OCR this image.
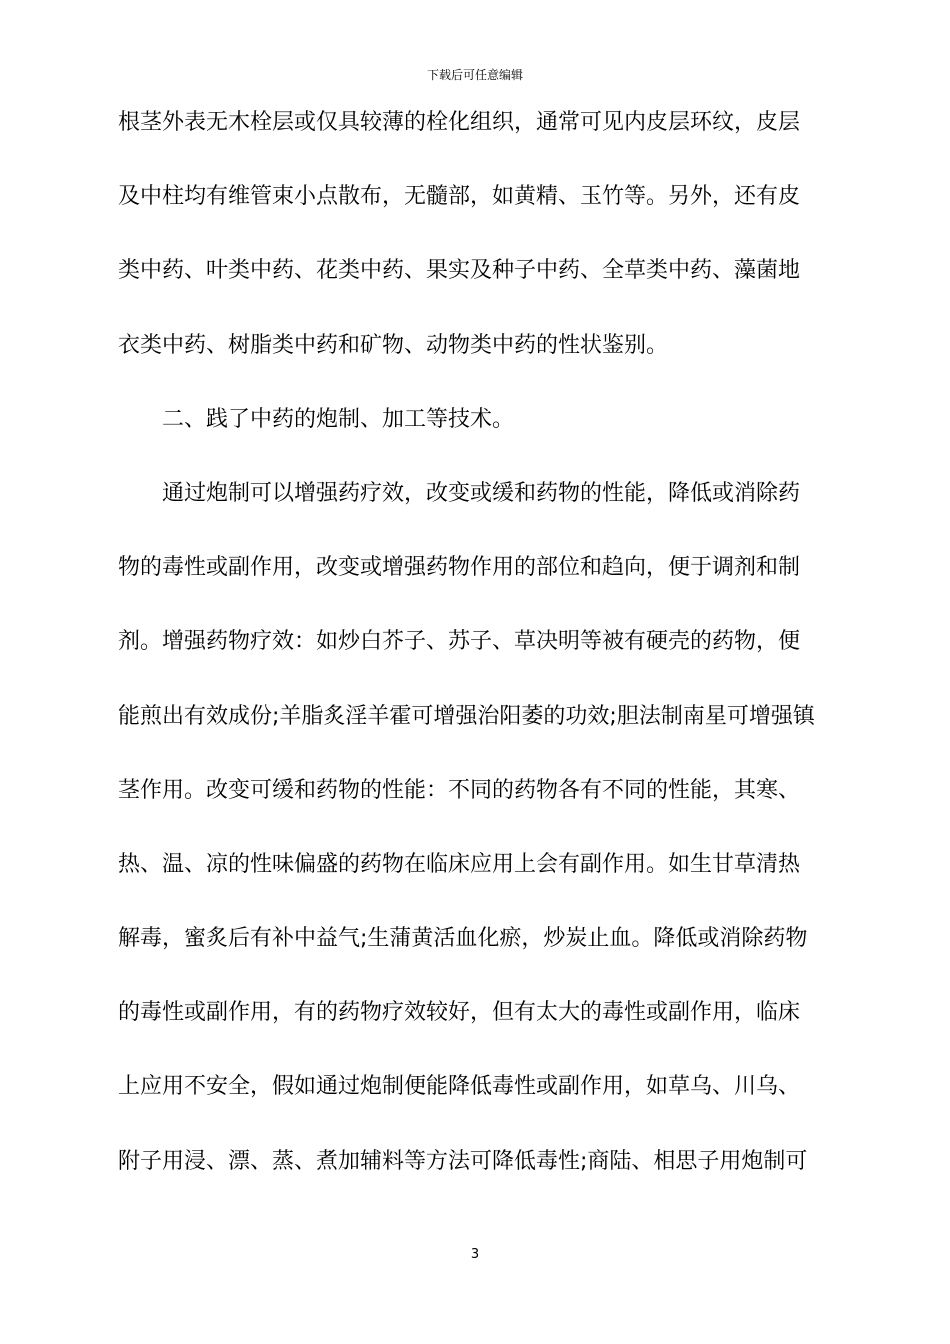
下载后可任意编辑
根茎外表无木栓层或仅具较薄的栓化组织，通常可见内皮层环纹，皮层
及中柱均有维管束小点散布，无髓部，如黄精、玉竹等。另外，还有皮
类中药、叶类中药、花类中药、果实及种子中药、全草类中药、藻菌地
衣类中药、树脂类中药和矿物、动物类中药的性状鉴别。
二、践了中药的炮制、加工等技术。
通过炮制可以增强药疗效，改变或缓和药物的性能，降低或消除药
物的毒性或副作用，改变或增强药物作用的部位和趋向，便于调剂和制
剂。增强药物疗效：如炒白芥子、苏子、草决明等被有硬壳的药物，便
能煎出有效成份;羊脂炙淫羊霍可增强治阳萎的功效;胆法制南星可增强镇
茎作用。改变可缓和药物的性能：不同的药物各有不同的性能，其寒、
热、温、凉的性味偏盛的药物在临床应用上会有副作用。如生甘草清热
解毒，蜜炙后有补中益气;生蒲黄活血化瘀，炒炭止血。降低或消除药物
的毒性或副作用，有的药物疗效较好，但有太大的毒性或副作用，临床
上应用不安全，假如通过炮制便能降低毒性或副作用，如草乌、川乌、
附子用浸、漂、蒸、煮加辅料等方法可降低毒性;商陆、相思子用炮制可
3
